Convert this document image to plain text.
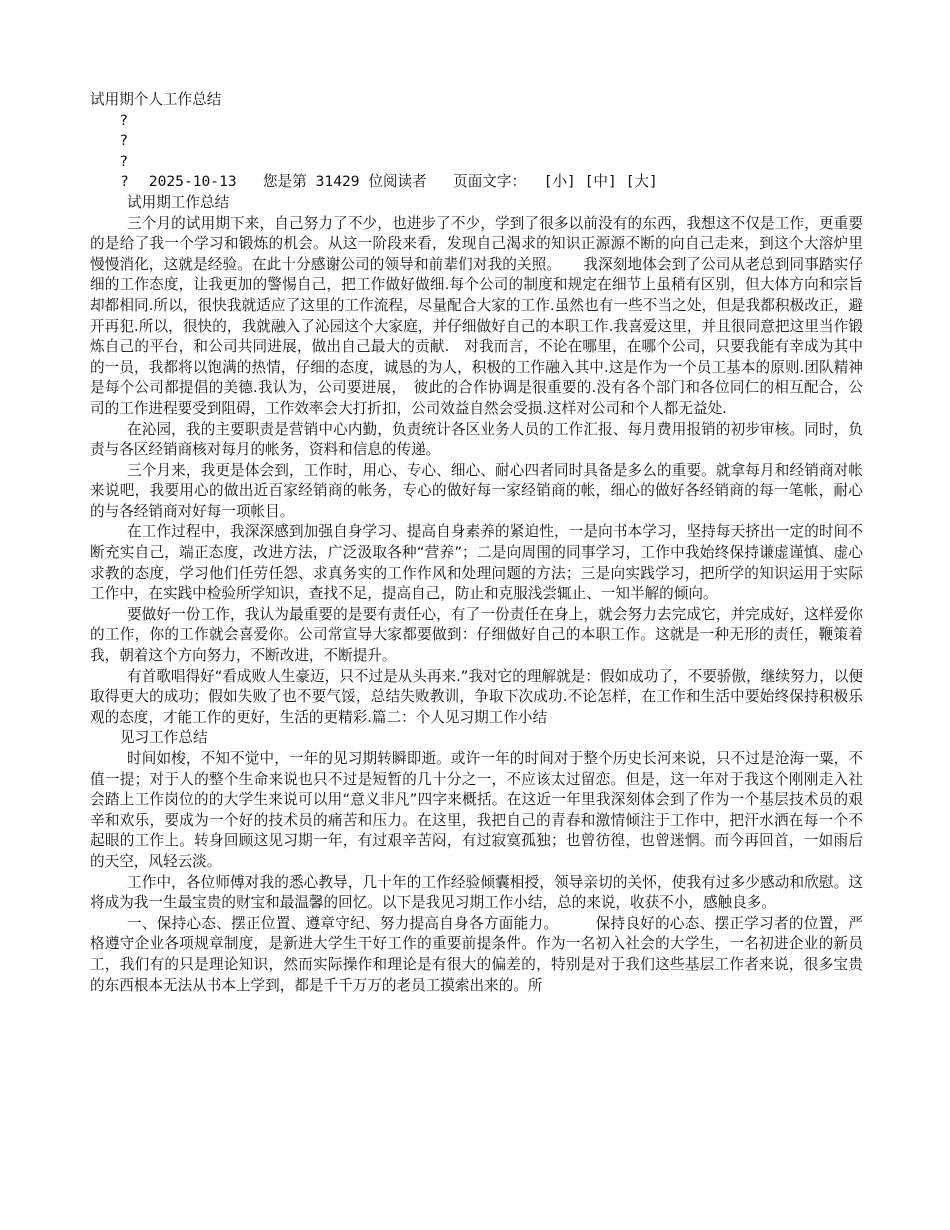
试用期个人工作总结
?
?
?
? 2025-10-13 您是第 31429 位阅读者 页面文字： [小] [中] [大]
试用期工作总结

三个月的试用期下来，自己努力了不少，也进步了不少，学到了很多以前没有的东西，我想这不仅是工作，更重要的是给了我一个学习和锻炼的机会。从这一阶段来看，发现自己渴求的知识正源源不断的向自己走来，到这个大溶炉里慢慢消化，这就是经验。在此十分感谢公司的领导和前辈们对我的关照。　　我深刻地体会到了公司从老总到同事踏实仔细的工作态度，让我更加的警惕自己，把工作做好做细.每个公司的制度和规定在细节上虽稍有区别，但大体方向和宗旨却都相同.所以，很快我就适应了这里的工作流程，尽量配合大家的工作.虽然也有一些不当之处，但是我都积极改正，避开再犯.所以，很快的，我就融入了沁园这个大家庭，并仔细做好自己的本职工作.我喜爱这里，并且很同意把这里当作锻炼自己的平台，和公司共同进展，做出自己最大的贡献.　对我而言，不论在哪里，在哪个公司，只要我能有幸成为其中的一员，我都将以饱满的热情，仔细的态度，诚恳的为人，积极的工作融入其中.这是作为一个员工基本的原则.团队精神是每个公司都提倡的美德.我认为，公司要进展，　彼此的合作协调是很重要的.没有各个部门和各位同仁的相互配合，公司的工作进程要受到阻碍，工作效率会大打折扣，公司效益自然会受损.这样对公司和个人都无益处.

在沁园，我的主要职责是营销中心内勤，负责统计各区业务人员的工作汇报、每月费用报销的初步审核。同时，负责与各区经销商核对每月的帐务，资料和信息的传递。

三个月来，我更是体会到，工作时，用心、专心、细心、耐心四者同时具备是多么的重要。就拿每月和经销商对帐来说吧，我要用心的做出近百家经销商的帐务，专心的做好每一家经销商的帐，细心的做好各经销商的每一笔帐，耐心的与各经销商对好每一项帐目。

在工作过程中，我深深感到加强自身学习、提高自身素养的紧迫性，一是向书本学习，坚持每天挤出一定的时间不断充实自己，端正态度，改进方法，广泛汲取各种“营养”；二是向周围的同事学习，工作中我始终保持谦虚谨慎、虚心求教的态度，学习他们任劳任怨、求真务实的工作作风和处理问题的方法；三是向实践学习，把所学的知识运用于实际工作中，在实践中检验所学知识，查找不足，提高自己，防止和克服浅尝辄止、一知半解的倾向。

要做好一份工作，我认为最重要的是要有责任心，有了一份责任在身上，就会努力去完成它，并完成好，这样爱你的工作，你的工作就会喜爱你。公司常宣导大家都要做到：仔细做好自己的本职工作。这就是一种无形的责任，鞭策着我，朝着这个方向努力，不断改进，不断提升。

有首歌唱得好“看成败人生豪迈，只不过是从头再来.”我对它的理解就是：假如成功了，不要骄傲，继续努力，以便取得更大的成功；假如失败了也不要气馁，总结失败教训，争取下次成功.不论怎样，在工作和生活中要始终保持积极乐观的态度，才能工作的更好，生活的更精彩.篇二：个人见习期工作小结

见习工作总结

时间如梭，不知不觉中，一年的见习期转瞬即逝。或许一年的时间对于整个历史长河来说，只不过是沧海一粟，不值一提；对于人的整个生命来说也只不过是短暂的几十分之一，不应该太过留恋。但是，这一年对于我这个刚刚走入社会踏上工作岗位的的大学生来说可以用“意义非凡”四字来概括。在这近一年里我深刻体会到了作为一个基层技术员的艰辛和欢乐，要成为一个好的技术员的痛苦和压力。在这里，我把自己的青春和激情倾注于工作中，把汗水洒在每一个不起眼的工作上。转身回顾这见习期一年，有过艰辛苦闷，有过寂寞孤独；也曾彷徨，也曾迷惘。而今再回首，一如雨后的天空，风轻云淡。

工作中，各位师傅对我的悉心教导，几十年的工作经验倾囊相授，领导亲切的关怀，使我有过多少感动和欣慰。这将成为我一生最宝贵的财宝和最温馨的回忆。以下是我见习期工作小结，总的来说，收获不小，感触良多。

一、保持心态、摆正位置、遵章守纪、努力提高自身各方面能力。　　　保持良好的心态、摆正学习者的位置，严格遵守企业各项规章制度，是新进大学生干好工作的重要前提条件。作为一名初入社会的大学生，一名初进企业的新员工，我们有的只是理论知识，然而实际操作和理论是有很大的偏差的，特别是对于我们这些基层工作者来说，很多宝贵的东西根本无法从书本上学到，都是千千万万的老员工摸索出来的。所
